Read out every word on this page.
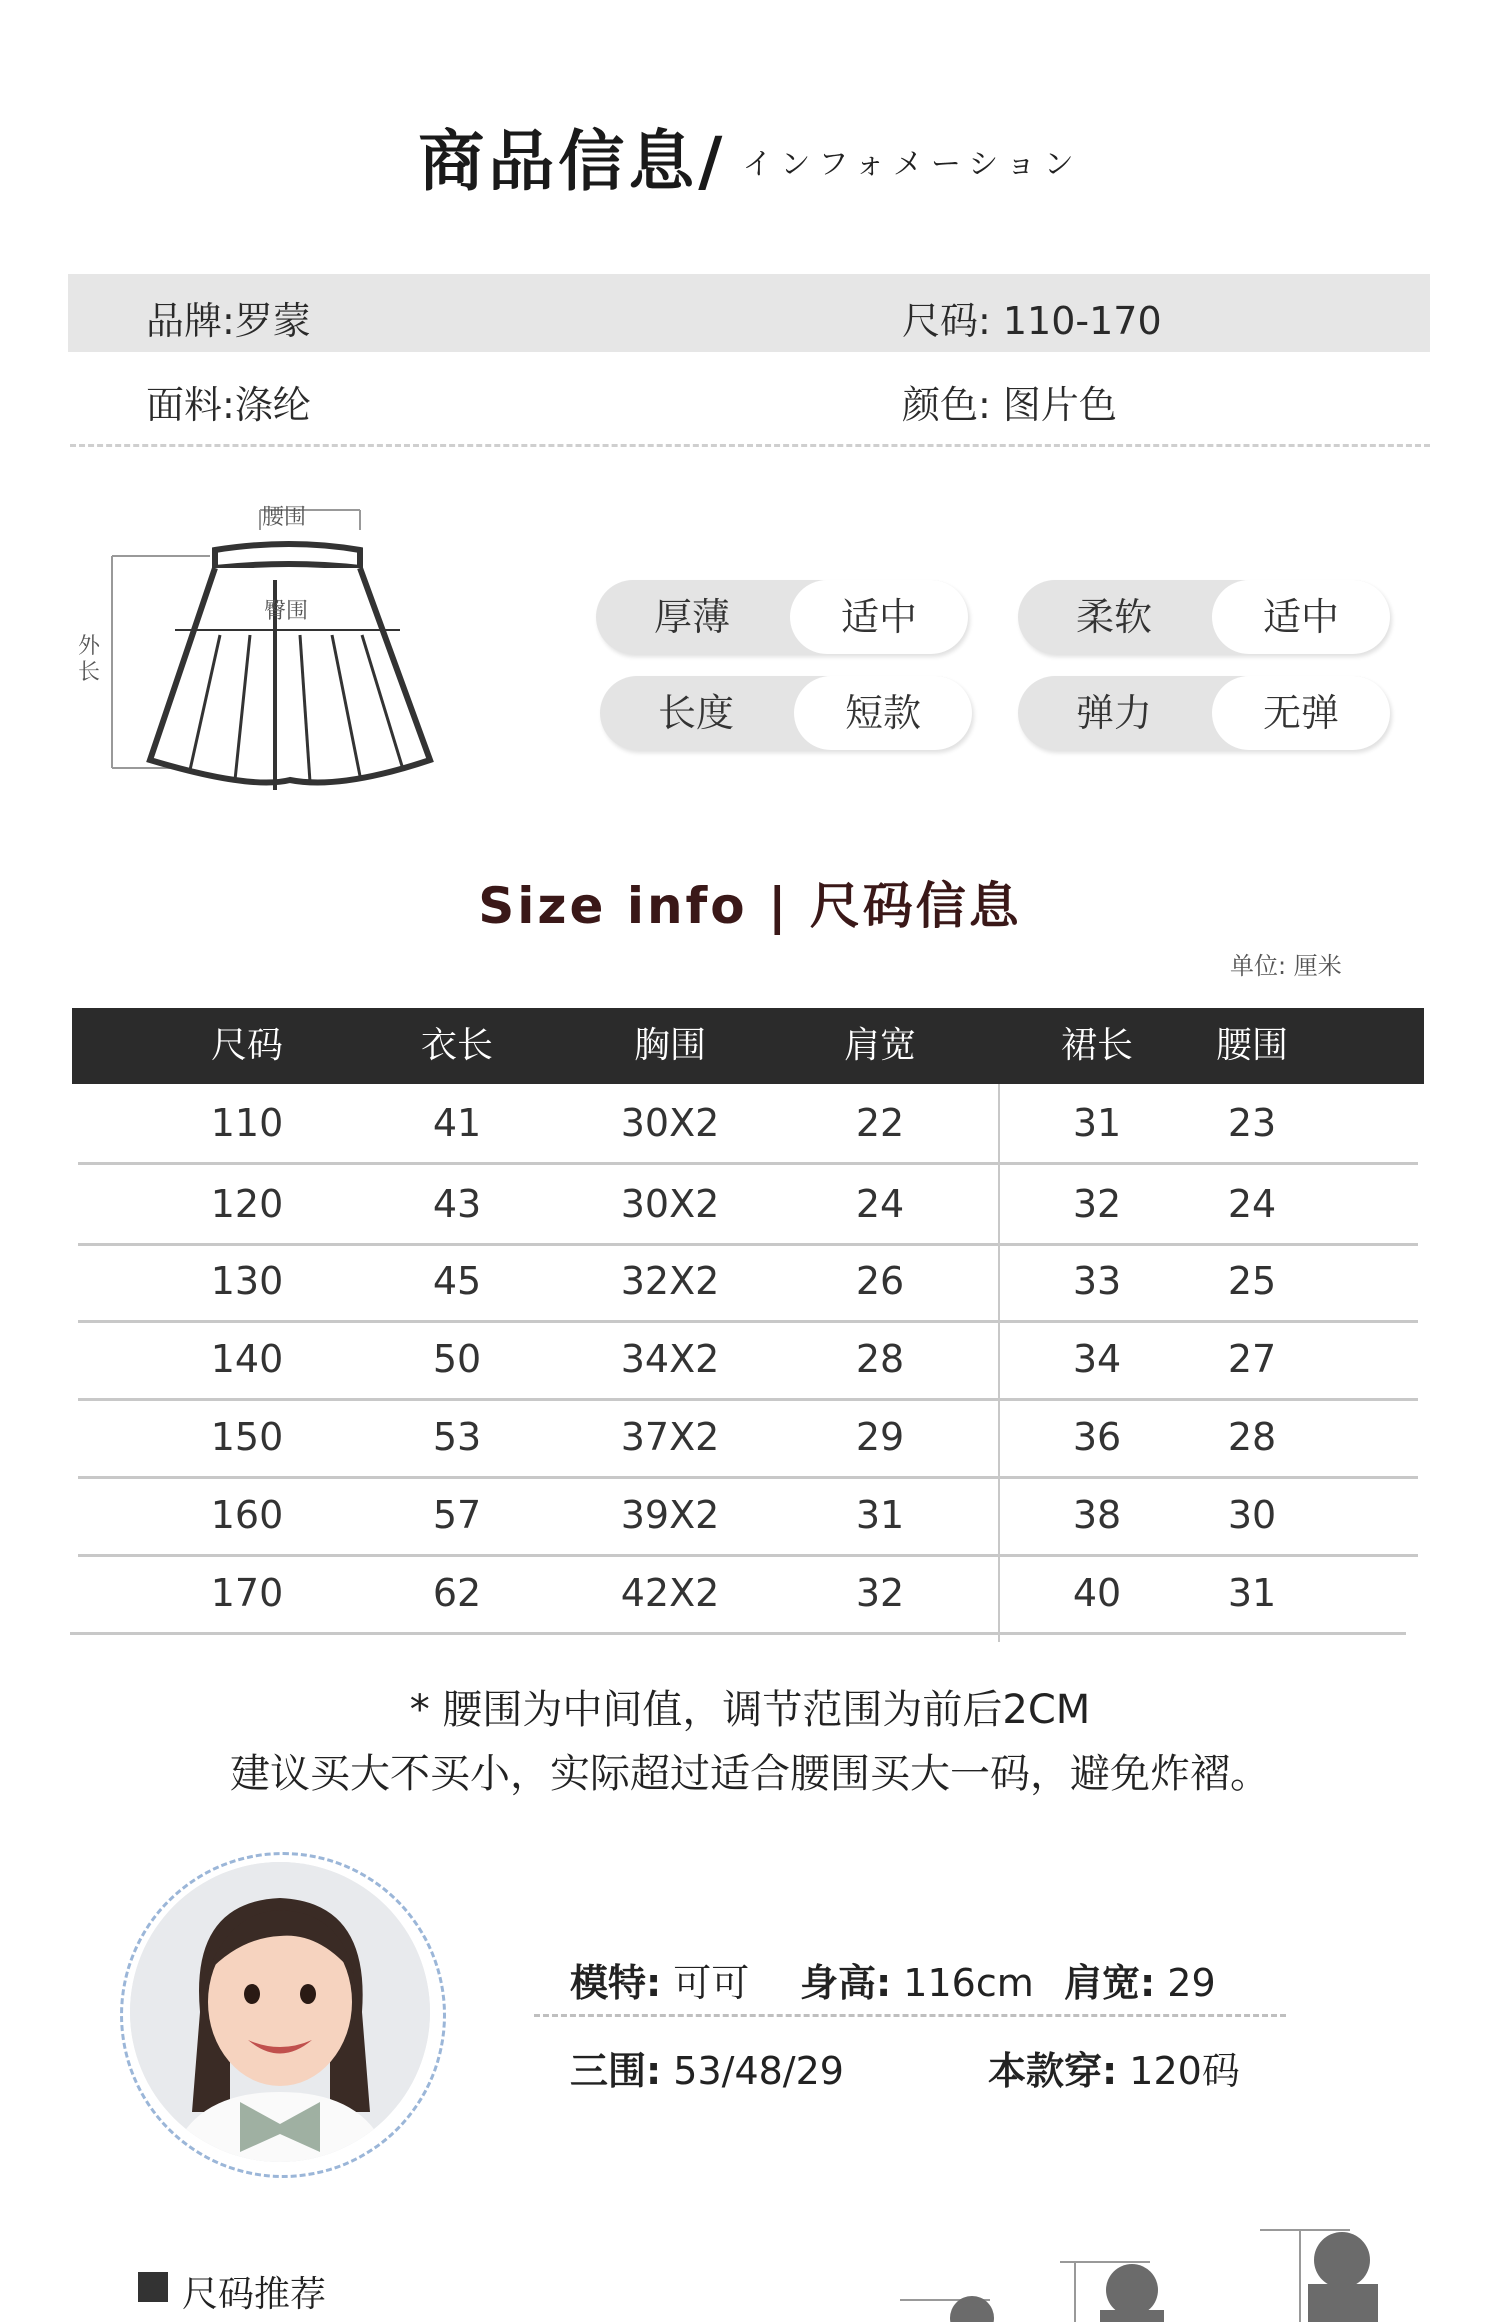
商品信息/ $^{インフォメーション}$
品牌:罗蒙	尺码: 110-170
面料:涤纶	颜色: 图片色
腰围
臀围
外长
厚薄	适中	柔软	适中
长度	短款	弹力	无弹
Size info | 尺码信息
单位: 厘米
尺码	衣长	胸围	肩宽	裙长	腰围
110	41	30X2	22	31	23
120	43	30X2	24	32	24
130	45	32X2	26	33	25
140	50	34X2	28	34	27
150	53	37X2	29	36	28
160	57	39X2	31	38	30
170	62	42X2	32	40	31
* 腰围为中间值，调节范围为前后2CM
建议买大不买小，实际超过适合腰围买大一码，避免炸褶。
模特: 可可 身高: 116cm 肩宽: 29
三围: 53/48/29	本款穿: 120码
尺码推荐
